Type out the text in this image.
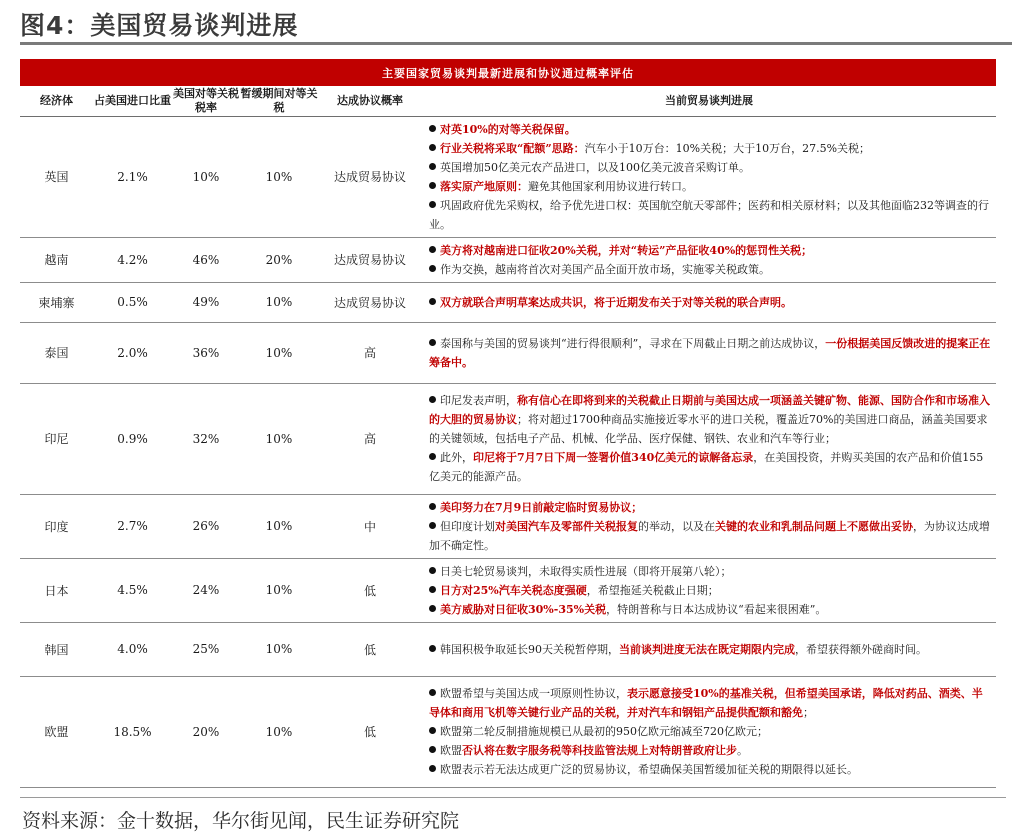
图4：美国贸易谈判进展
主要国家贸易谈判最新进展和协议通过概率评估					
经济体	占美国进口比重	美国对等关税税率	暂缓期间对等关税	达成协议概率	当前贸易谈判进展
英国	2.1%	10%	10%	达成贸易协议	对英10%的对等关税保留。

行业关税将采取“配额”思路：汽车小于10万台：10%关税；大于10万台，27.5%关税；

英国增加50亿美元农产品进口，以及100亿美元波音采购订单。

落实原产地原则：避免其他国家利用协议进行转口。

巩固政府优先采购权，给予优先进口权：英国航空航天零部件；医药和相关原材料；以及其他面临232等调查的行业。

越南	4.2%	46%	20%	达成贸易协议	美方将对越南进口征收20%关税，并对“转运”产品征收40%的惩罚性关税；

作为交换，越南将首次对美国产品全面开放市场，实施零关税政策。

柬埔寨	0.5%	49%	10%	达成贸易协议	双方就联合声明草案达成共识，将于近期发布关于对等关税的联合声明。

泰国	2.0%	36%	10%	高	泰国称与美国的贸易谈判“进行得很顺利”，寻求在下周截止日期之前达成协议，一份根据美国反馈改进的提案正在筹备中。

印尼	0.9%	32%	10%	高	印尼发表声明，称有信心在即将到来的关税截止日期前与美国达成一项涵盖关键矿物、能源、国防合作和市场准入的大胆的贸易协议；将对超过1700种商品实施接近零水平的进口关税，覆盖近70%的美国进口商品，涵盖美国要求的关键领域，包括电子产品、机械、化学品、医疗保健、钢铁、农业和汽车等行业；

此外，印尼将于7月7日下周一签署价值340亿美元的谅解备忘录，在美国投资，并购买美国的农产品和价值155亿美元的能源产品。

印度	2.7%	26%	10%	中	美印努力在7月9日前敲定临时贸易协议；

但印度计划对美国汽车及零部件关税报复的举动，以及在关键的农业和乳制品问题上不愿做出妥协，为协议达成增加不确定性。

日本	4.5%	24%	10%	低	日美七轮贸易谈判，未取得实质性进展（即将开展第八轮）；

日方对25%汽车关税态度强硬，希望拖延关税截止日期；

美方威胁对日征收30%-35%关税，特朗普称与日本达成协议“看起来很困难”。

韩国	4.0%	25%	10%	低	韩国积极争取延长90天关税暂停期，当前谈判进度无法在既定期限内完成，希望获得额外磋商时间。

欧盟	18.5%	20%	10%	低	欧盟希望与美国达成一项原则性协议，表示愿意接受10%的基准关税，但希望美国承诺，降低对药品、酒类、半导体和商用飞机等关键行业产品的关税，并对汽车和钢铝产品提供配额和豁免；

欧盟第二轮反制措施规模已从最初的950亿欧元缩减至720亿欧元；

欧盟否认将在数字服务税等科技监管法规上对特朗普政府让步。

欧盟表示若无法达成更广泛的贸易协议，希望确保美国暂缓加征关税的期限得以延长。

资料来源：金十数据，华尔街见闻，民生证券研究院
